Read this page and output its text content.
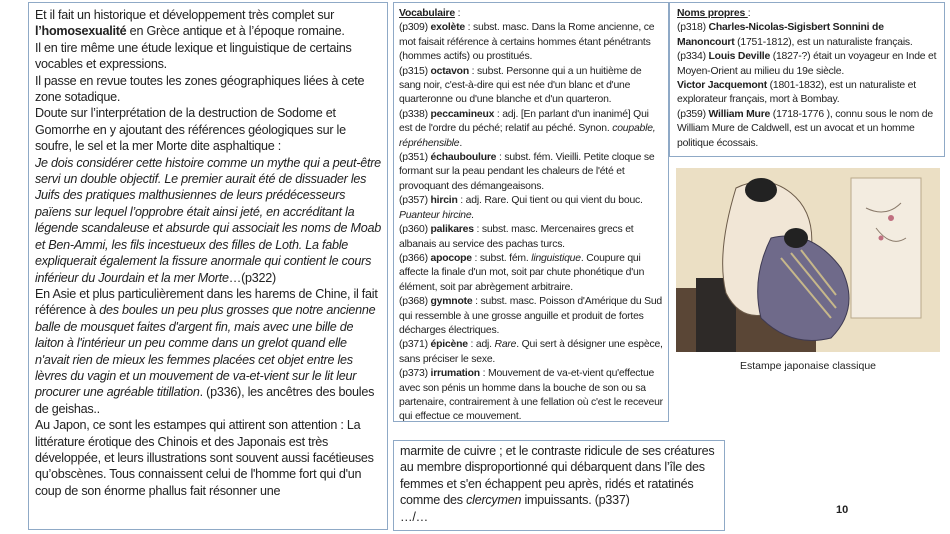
Et il fait un historique et développement très complet sur l’homosexualité en Grèce antique et à l’époque romaine.

Il en tire même une étude lexique et linguistique de certains vocables et expressions.

Il passe en revue toutes les zones géographiques liées à cete zone sotadique.

Doute sur l’interprétation de la destruction de Sodome et Gomorrhe en y ajoutant des références géologiques sur le soufre, le sel et la mer Morte dite asphaltique :

Je dois considérer cette histoire comme un mythe qui a peut-être servi un double objectif. Le premier aurait été de dissuader les Juifs des pratiques malthusiennes de leurs prédécesseurs païens sur lequel l’opprobre était ainsi jeté, en accréditant la légende scandaleuse et absurde qui associait les noms de Moab et Ben-Ammi, les fils incestueux des filles de Loth. La fable expliquerait également la fissure anormale qui contient le cours inférieur du Jourdain et la mer Morte…(p322)

En Asie et plus particulièrement dans les harems de Chine, il fait référence à des boules un peu plus grosses que notre ancienne balle de mousquet faites d'argent fin, mais avec une bille de laiton à l'intérieur un peu comme dans un grelot quand elle n'avait rien de mieux les femmes placées cet objet entre les lèvres du vagin et un mouvement de va-et-vient sur le lit leur procurer une agréable titillation. (p336), les ancêtres des boules de geishas..

Au Japon, ce sont les estampes qui attirent son attention : La littérature érotique des Chinois et des Japonais est très développée, et leurs illustrations sont souvent aussi facétieuses qu’obscènes. Tous connaissent celui de l'homme fort qui d'un coup de son énorme phallus fait résonner une

Vocabulaire :

(p309) exolète : subst. masc. Dans la Rome ancienne, ce mot faisait référence à certains hommes étant pénétrants (hommes actifs) ou prostitués.

(p315) octavon : subst. Personne qui a un huitième de sang noir, c'est-à-dire qui est née d'un blanc et d'une quarteronne ou d'une blanche et d'un quarteron.

(p338) peccamineux : adj. [En parlant d'un inanimé] Qui est de l'ordre du péché; relatif au péché. Synon. coupable, répréhensible.

(p351) échauboulure : subst. fém. Vieilli. Petite cloque se formant sur la peau pendant les chaleurs de l'été et provoquant des démangeaisons.

(p357) hircin : adj. Rare. Qui tient ou qui vient du bouc. Puanteur hircine.

(p360) palikares : subst. masc. Mercenaires grecs et albanais au service des pachas turcs.

(p366) apocope : subst. fém. linguistique. Coupure qui affecte la finale d'un mot, soit par chute phonétique d'un élément, soit par abrègement arbitraire.

(p368) gymnote : subst. masc. Poisson d'Amérique du Sud qui ressemble à une grosse anguille et produit de fortes décharges électriques.

(p371) épicène : adj. Rare. Qui sert à désigner une espèce, sans préciser le sexe.

(p373) irrumation : Mouvement de va-et-vient qu'effectue avec son pénis un homme dans la bouche de son ou sa partenaire, contrairement à une fellation où c'est le receveur qui effectue ce mouvement.

Noms propres :

(p318) Charles-Nicolas-Sigisbert Sonnini de Manoncourt (1751-1812), est un naturaliste français.

(p334) Louis Deville (1827-?) était un voyageur en Inde et Moyen-Orient au milieu du 19e siècle.

Victor Jacquemont (1801-1832), est un naturaliste et explorateur français, mort à Bombay.

(p359) William Mure (1718-1776 ), connu sous le nom de William Mure de Caldwell, est un avocat et un homme politique écossais.

Estampe japonaise classique

marmite de cuivre ; et le contraste ridicule de ses créatures au membre disproportionné qui débarquent dans l’île des femmes et s'en échappent peu après, ridés et ratatinés comme des clercymen impuissants. (p337)

…/…	10
